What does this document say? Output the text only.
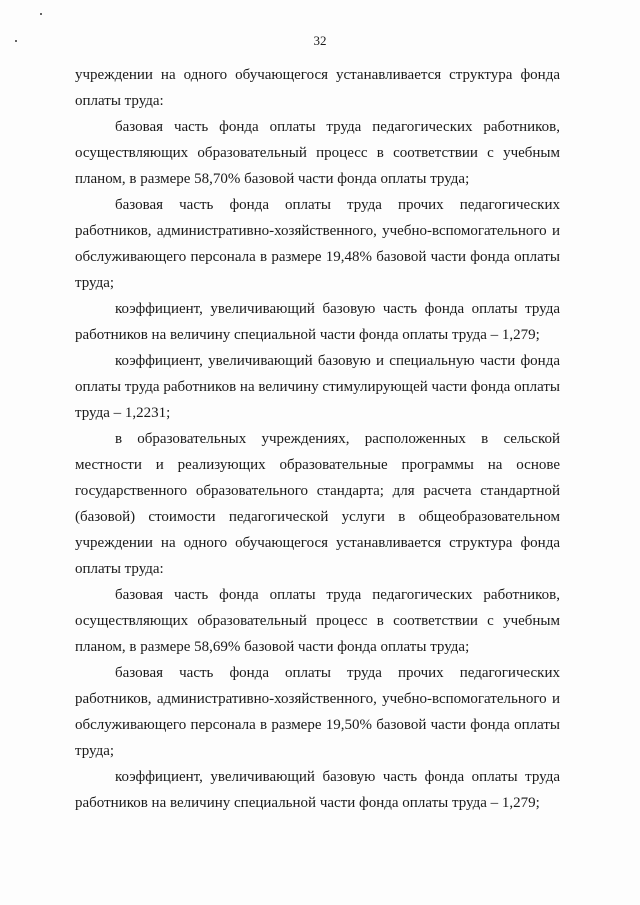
32

учреждении на одного обучающегося устанавливается структура фонда оплаты труда:

базовая часть фонда оплаты труда педагогических работников, осуществляющих образовательный процесс в соответствии с учебным планом, в размере 58,70% базовой части фонда оплаты труда;

базовая часть фонда оплаты труда прочих педагогических работников, административно-хозяйственного, учебно-вспомогательного и обслуживающего персонала в размере 19,48% базовой части фонда оплаты труда;

коэффициент, увеличивающий базовую часть фонда оплаты труда работников на величину специальной части фонда оплаты труда – 1,279;

коэффициент, увеличивающий базовую и специальную части фонда оплаты труда работников на величину стимулирующей части фонда оплаты труда – 1,2231;

в образовательных учреждениях, расположенных в сельской местности и реализующих образовательные программы на основе государственного образовательного стандарта; для расчета стандартной (базовой) стоимости педагогической услуги в общеобразовательном учреждении на одного обучающегося устанавливается структура фонда оплаты труда:

базовая часть фонда оплаты труда педагогических работников, осуществляющих образовательный процесс в соответствии с учебным планом, в размере 58,69% базовой части фонда оплаты труда;

базовая часть фонда оплаты труда прочих педагогических работников, административно-хозяйственного, учебно-вспомогательного и обслуживающего персонала в размере 19,50% базовой части фонда оплаты труда;

коэффициент, увеличивающий базовую часть фонда оплаты труда работников на величину специальной части фонда оплаты труда – 1,279;
